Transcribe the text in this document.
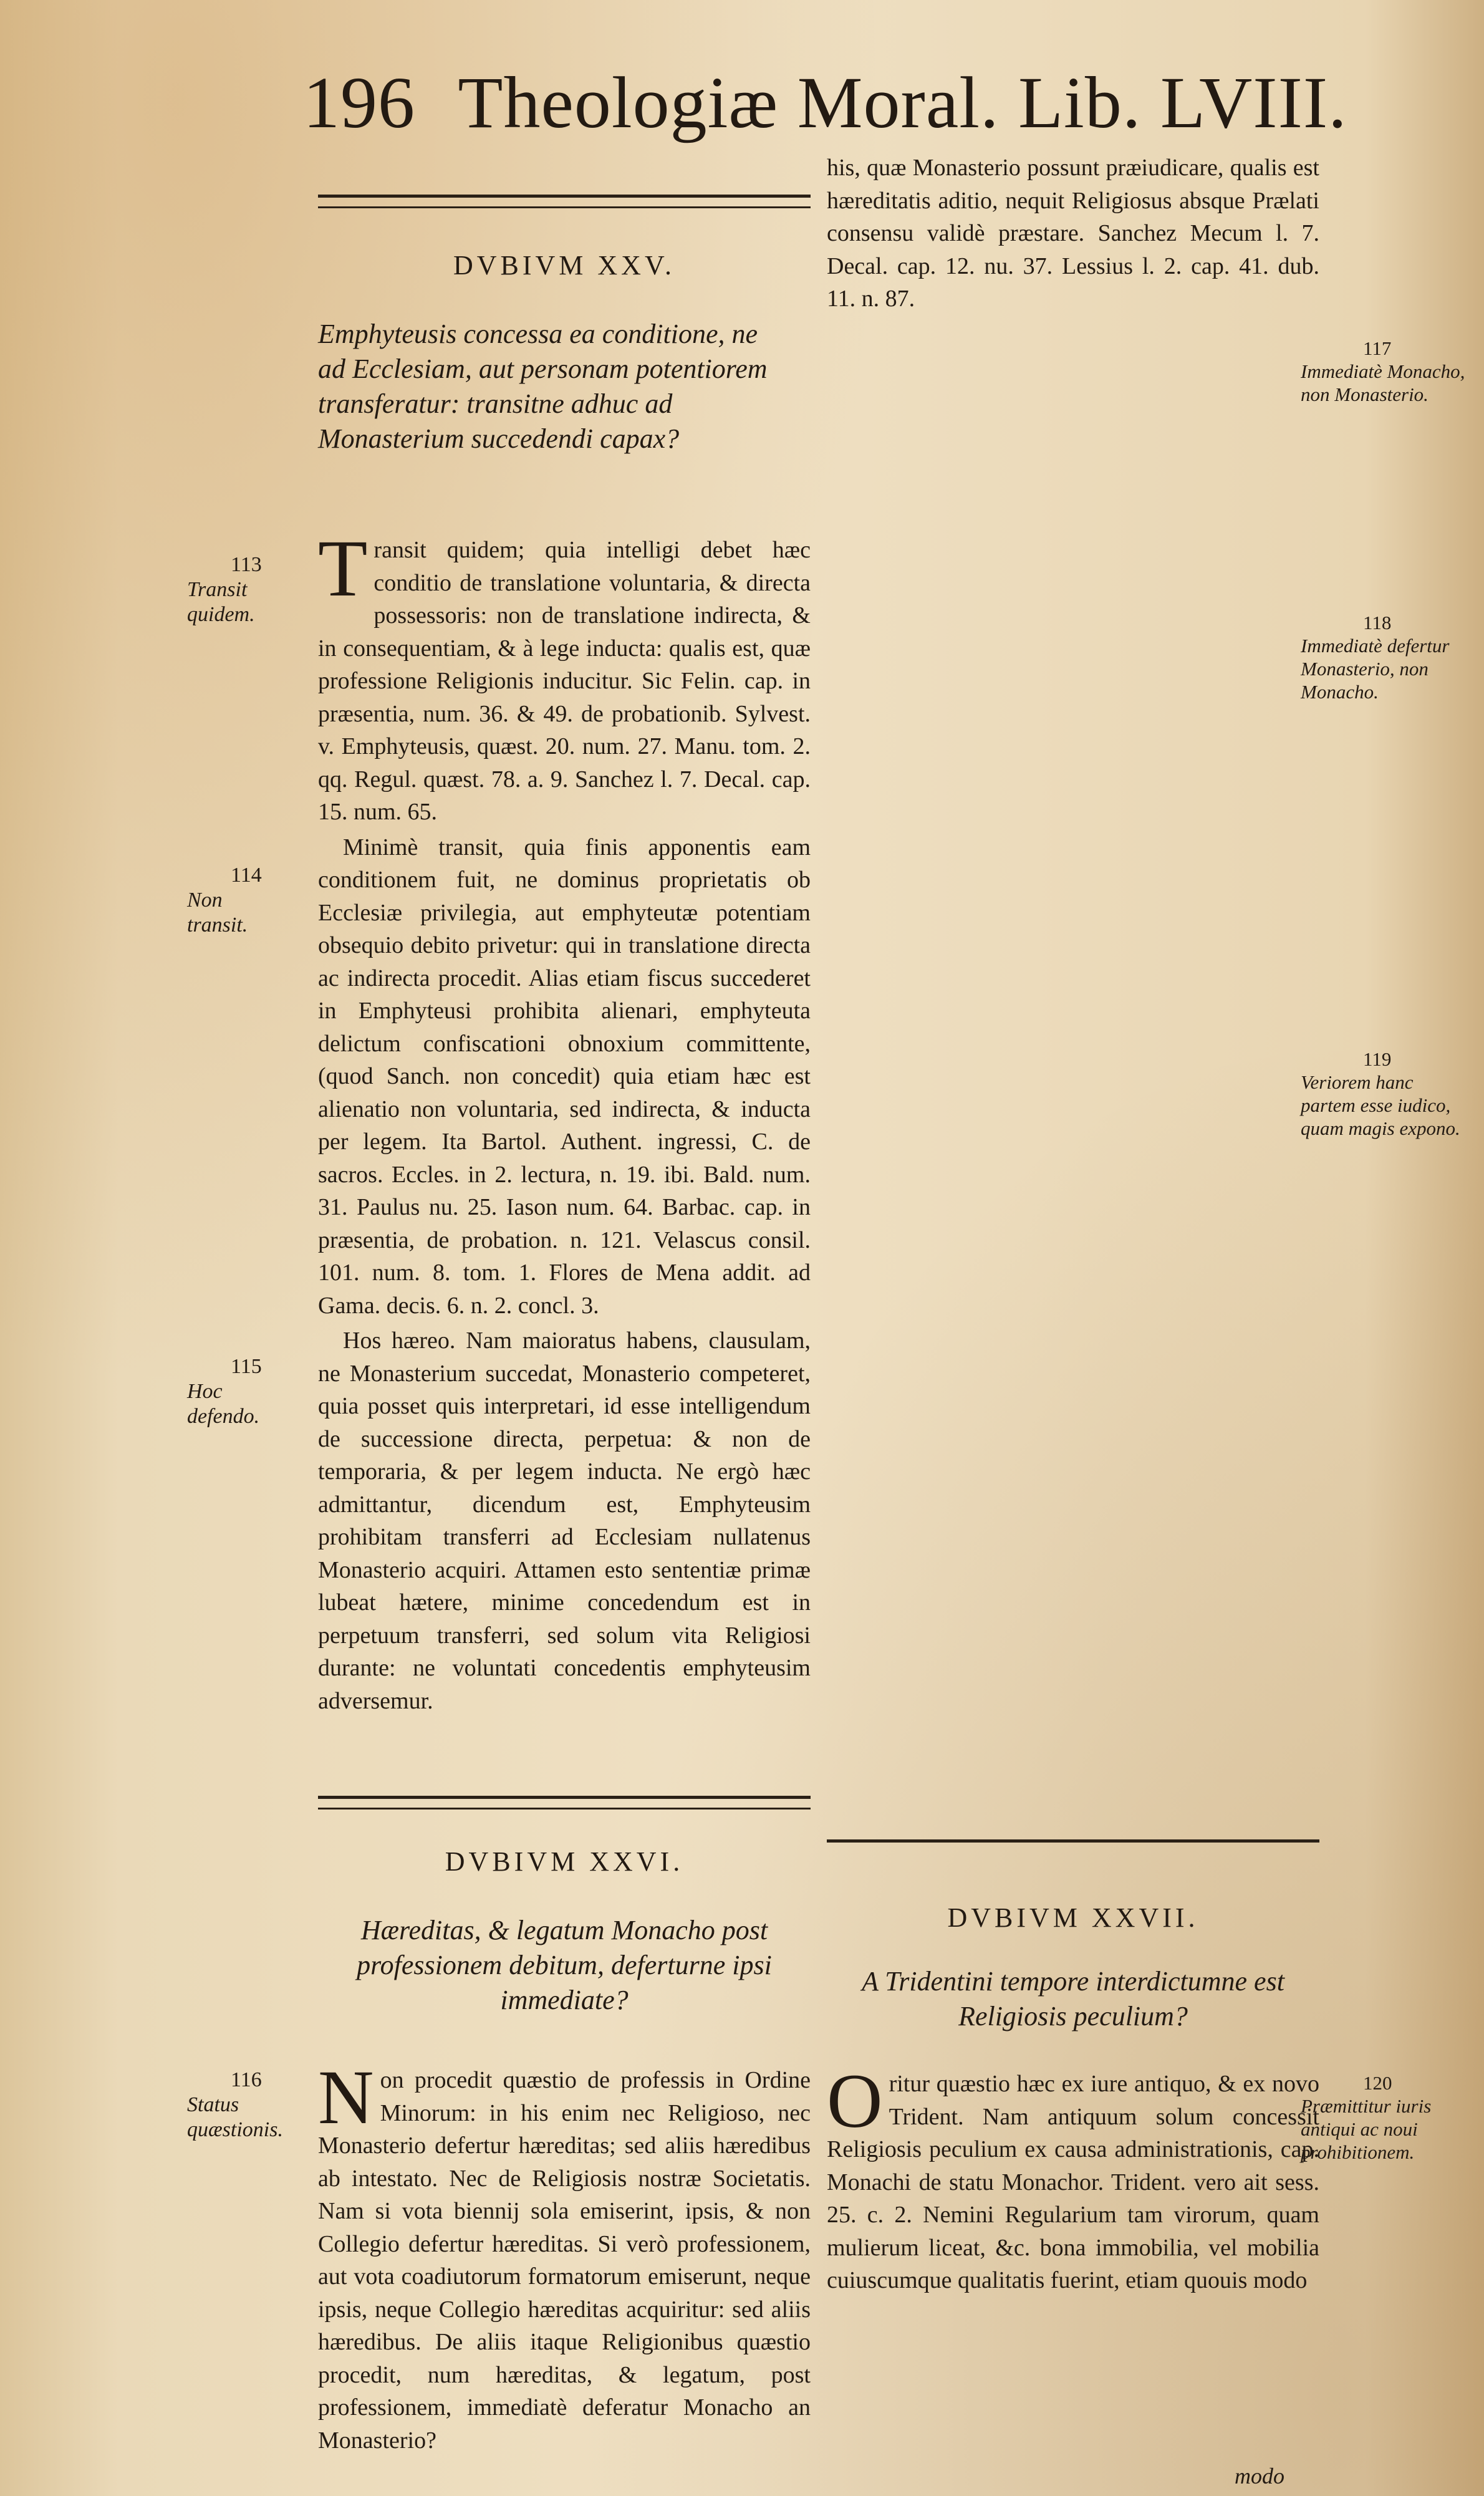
196 Theologiæ Moral. Lib. LVIII.
DVBIVM XXV.
Emphyteusis concessa ea conditione, ne ad Ecclesiam, aut personam potentiorem transferatur: transitne adhuc ad Monasterium succedendi capax?

Transit quidem; quia intelligi debet hæc conditio de translatione voluntaria, & directa possessoris: non de translatione indirecta, & in consequentiam, & à lege inducta: qualis est, quæ professione Religionis inducitur. Sic Felin. cap. in præsentia, num. 36. & 49. de probationib. Sylvest. v. Emphyteusis, quæst. 20. num. 27. Manu. tom. 2. qq. Regul. quæst. 78. a. 9. Sanchez l. 7. Decal. cap. 15. num. 65.

Minimè transit, quia finis apponentis eam conditionem fuit, ne dominus proprietatis ob Ecclesiæ privilegia, aut emphyteutæ potentiam obsequio debito privetur: qui in translatione directa ac indirecta procedit. Alias etiam fiscus succederet in Emphyteusi prohibita alienari, emphyteuta delictum confiscationi obnoxium committente, (quod Sanch. non concedit) quia etiam hæc est alienatio non voluntaria, sed indirecta, & inducta per legem. Ita Bartol. Authent. ingressi, C. de sacros. Eccles. in 2. lectura, n. 19. ibi. Bald. num. 31. Paulus nu. 25. Iason num. 64. Barbac. cap. in præsentia, de probation. n. 121. Velascus consil. 101. num. 8. tom. 1. Flores de Mena addit. ad Gama. decis. 6. n. 2. concl. 3.

Hos hæreo. Nam maioratus habens, clausulam, ne Monasterium succedat, Monasterio competeret, quia posset quis interpretari, id esse intelligendum de successione directa, perpetua: & non de temporaria, & per legem inducta. Ne ergò hæc admittantur, dicendum est, Emphyteusim prohibitam transferri ad Ecclesiam nullatenus Monasterio acquiri. Attamen esto sententiæ primæ lubeat hætere, minime concedendum est in perpetuum transferri, sed solum vita Religiosi durante: ne voluntati concedentis emphyteusim adversemur.

113
Transit quidem.
114
Non transit.
115
Hoc defendo.
DVBIVM XXVI.
Hæreditas, & legatum Monacho post professionem debitum, deferturne ipsi immediate?

Non procedit quæstio de professis in Ordine Minorum: in his enim nec Religioso, nec Monasterio defertur hæreditas; sed aliis hæredibus ab intestato. Nec de Religiosis nostræ Societatis. Nam si vota biennij sola emiserint, ipsis, & non Collegio defertur hæreditas. Si verò professionem, aut vota coadiutorum formatorum emiserunt, neque ipsis, neque Collegio hæreditas acquiritur: sed aliis hæredibus. De aliis itaque Religionibus quæstio procedit, num hæreditas, & legatum, post professionem, immediatè deferatur Monacho an Monasterio?

116
Status quæstionis.

his, quæ Monasterio possunt præiudicare, qualis est hæreditatis aditio, nequit Religiosus absque Prælati consensu validè præstare. Sanchez Mecum l. 7. Decal. cap. 12. nu. 37. Lessius l. 2. cap. 41. dub. 11. n. 87.

117
Immediatè Monacho, non Monasterio.
118
Immediatè defertur Monasterio, non Monacho.
119
Veriorem hanc partem esse iudico, quam magis expono.
DVBIVM XXVII.
A Tridentini tempore interdictumne est Religiosis peculium?

Oritur quæstio hæc ex iure antiquo, & ex novo Trident. Nam antiquum solum concessit Religiosis peculium ex causa administrationis, cap. Monachi de statu Monachor. Trident. vero ait sess. 25. c. 2. Nemini Regularium tam virorum, quam mulierum liceat, &c. bona immobilia, vel mobilia cuiuscumque qualitatis fuerint, etiam quouis modo

120
Præmittitur iuris antiqui ac noui prohibitionem.
modo
